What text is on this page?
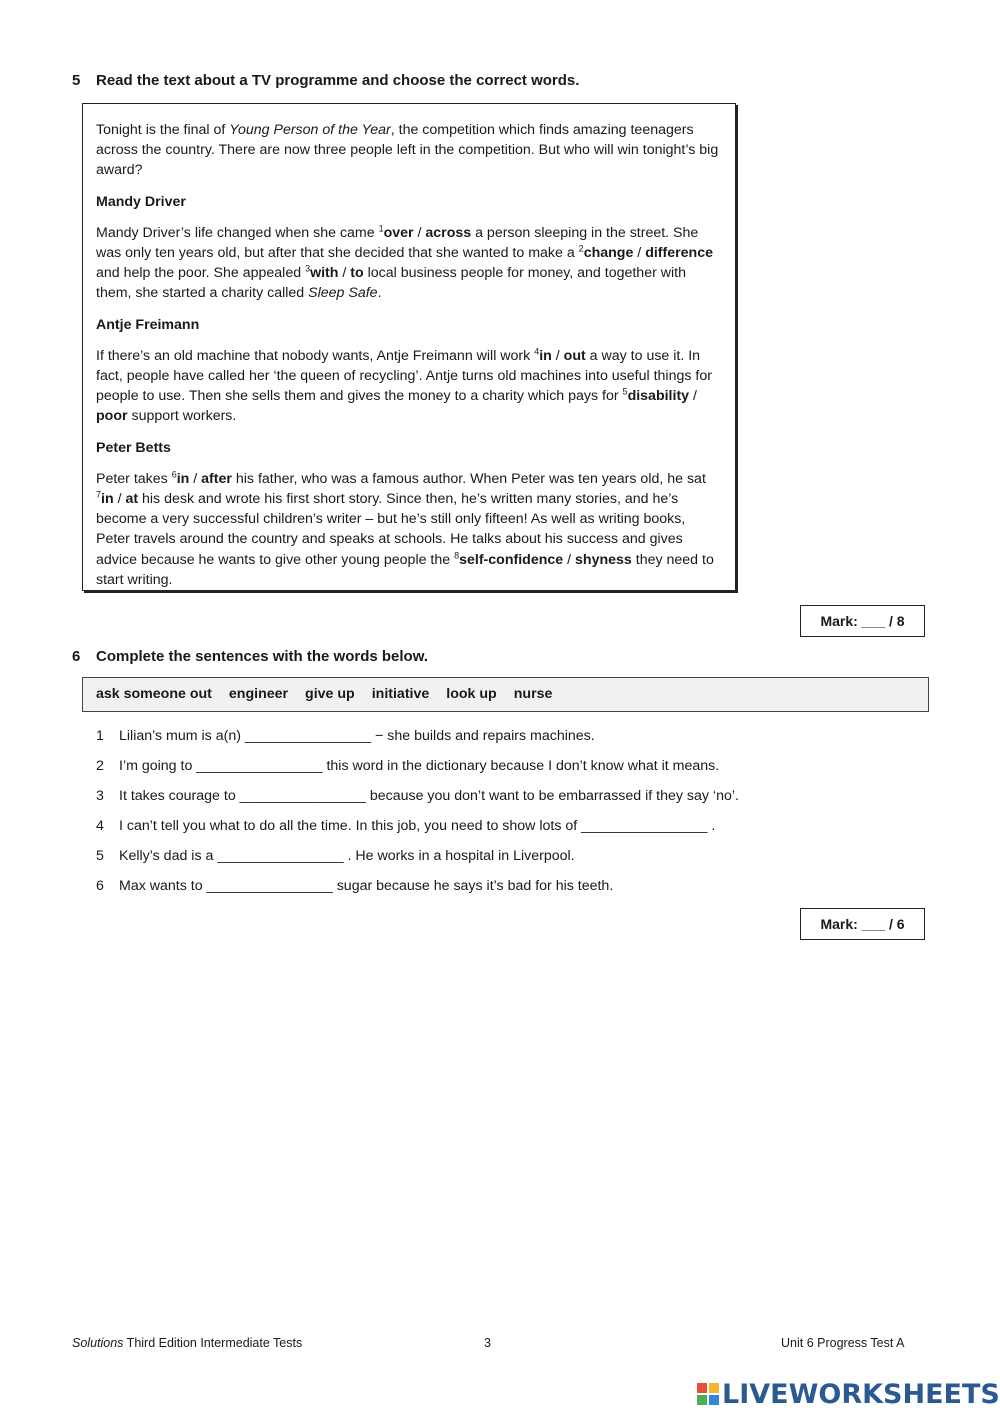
5 Read the text about a TV programme and choose the correct words.

Tonight is the final of Young Person of the Year, the competition which finds amazing teenagers across the country. There are now three people left in the competition. But who will win tonight’s big award?

Mandy Driver

Mandy Driver’s life changed when she came $^1$over / across a person sleeping in the street. She was only ten years old, but after that she decided that she wanted to make a $^2$change / difference and help the poor. She appealed $^3$with / to local business people for money, and together with them, she started a charity called Sleep Safe.

Antje Freimann

If there’s an old machine that nobody wants, Antje Freimann will work $^4$in / out a way to use it. In fact, people have called her ‘the queen of recycling’. Antje turns old machines into useful things for people to use. Then she sells them and gives the money to a charity which pays for $^5$disability / poor support workers.

Peter Betts

Peter takes $^6$in / after his father, who was a famous author. When Peter was ten years old, he sat $^7$in / at his desk and wrote his first short story. Since then, he’s written many stories, and he’s become a very successful children’s writer – but he’s still only fifteen! As well as writing books, Peter travels around the country and speaks at schools. He talks about his success and gives advice because he wants to give other young people the $^8$self-confidence / shyness they need to start writing.

Mark: ___ / 8
6 Complete the sentences with the words below.
ask someone out engineer give up initiative look up nurse
1 Lilian’s mum is a(n) ________________ − she builds and repairs machines.
2 I’m going to ________________ this word in the dictionary because I don’t know what it means.
3 It takes courage to ________________ because you don’t want to be embarrassed if they say ‘no’.
4 I can’t tell you what to do all the time. In this job, you need to show lots of ________________ .
5 Kelly’s dad is a ________________ . He works in a hospital in Liverpool.
6 Max wants to ________________ sugar because he says it’s bad for his teeth.
Mark: ___ / 6
Solutions Third Edition Intermediate Tests	3	Unit 6 Progress Test A
LIVEWORKSHEETS
